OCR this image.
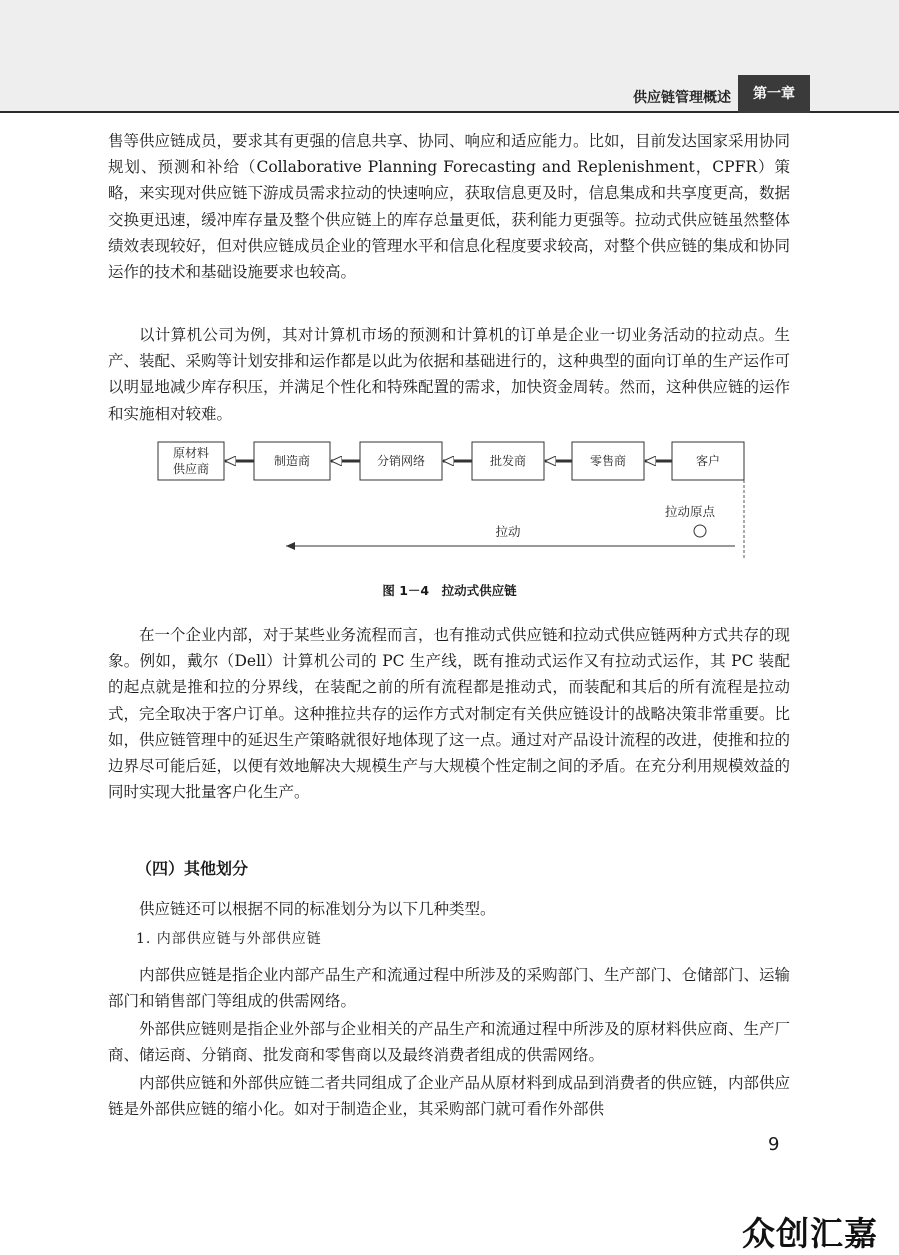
供应链管理概述	第一章

售等供应链成员，要求其有更强的信息共享、协同、响应和适应能力。比如，目前发达国家采用协同规划、预测和补给（Collaborative Planning Forecasting and Replenishment，CPFR）策略，来实现对供应链下游成员需求拉动的快速响应，获取信息更及时，信息集成和共享度更高，数据交换更迅速，缓冲库存量及整个供应链上的库存总量更低，获利能力更强等。拉动式供应链虽然整体绩效表现较好，但对供应链成员企业的管理水平和信息化程度要求较高，对整个供应链的集成和协同运作的技术和基础设施要求也较高。

以计算机公司为例，其对计算机市场的预测和计算机的订单是企业一切业务活动的拉动点。生产、装配、采购等计划安排和运作都是以此为依据和基础进行的，这种典型的面向订单的生产运作可以明显地减少库存积压，并满足个性化和特殊配置的需求，加快资金周转。然而，这种供应链的运作和实施相对较难。

原材料
供应商
制造商	分销网络	批发商	零售商	客户
拉动原点
拉动
图 1－4　拉动式供应链

在一个企业内部，对于某些业务流程而言，也有推动式供应链和拉动式供应链两种方式共存的现象。例如，戴尔（Dell）计算机公司的 PC 生产线，既有推动式运作又有拉动式运作，其 PC 装配的起点就是推和拉的分界线，在装配之前的所有流程都是推动式，而装配和其后的所有流程是拉动式，完全取决于客户订单。这种推拉共存的运作方式对制定有关供应链设计的战略决策非常重要。比如，供应链管理中的延迟生产策略就很好地体现了这一点。通过对产品设计流程的改进，使推和拉的边界尽可能后延，以便有效地解决大规模生产与大规模个性定制之间的矛盾。在充分利用规模效益的同时实现大批量客户化生产。

（四）其他划分

供应链还可以根据不同的标准划分为以下几种类型。

1. 内部供应链与外部供应链

内部供应链是指企业内部产品生产和流通过程中所涉及的采购部门、生产部门、仓储部门、运输部门和销售部门等组成的供需网络。

外部供应链则是指企业外部与企业相关的产品生产和流通过程中所涉及的原材料供应商、生产厂商、储运商、分销商、批发商和零售商以及最终消费者组成的供需网络。

内部供应链和外部供应链二者共同组成了企业产品从原材料到成品到消费者的供应链，内部供应链是外部供应链的缩小化。如对于制造企业，其采购部门就可看作外部供

9
众创汇嘉
